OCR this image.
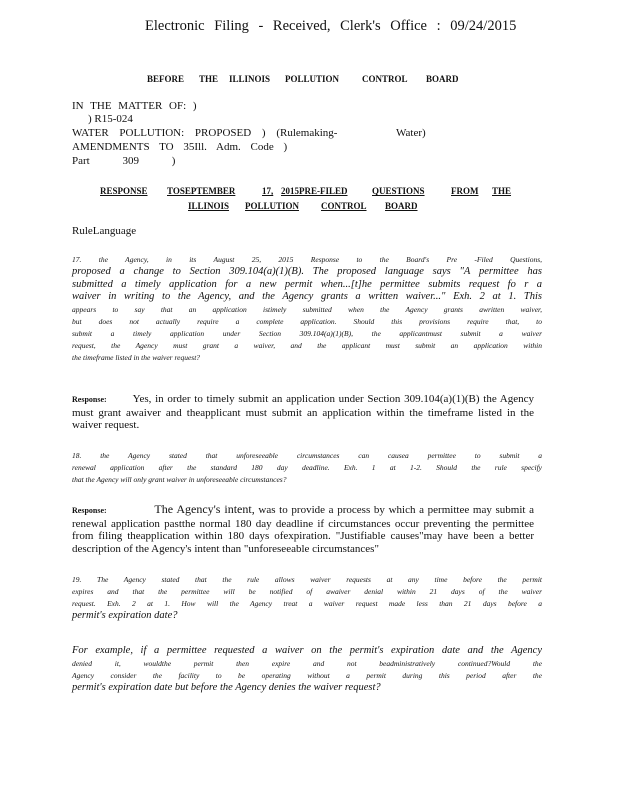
Electronic Filing - Received, Clerk's Office : 09/24/2015
BEFORE THE ILLINOIS POLLUTION	CONTROL BOARD
IN THE MATTER OF: )
) R15-024
WATER POLLUTION: PROPOSED ) (Rulemaking-	Water)
AMENDMENTS TO 35Ill. Adm. Code )
Part 309 )
RESPONSE TOSEPTEMBER	17, 2015PRE-FILED	QUESTIONS	FROM THE
ILLINOIS POLLUTION CONTROL BOARD
RuleLanguage
17. the Agency, in its August 25, 2015 Response to the Board's Pre -Filed Questions,
proposed a change to Section 309.104(a)(1)(B). The proposed language says "A permittee has
submitted a timely application for a new permit when...[t]he permittee submits request fo r a
waiver in writing to the Agency, and the Agency grants a written waiver..." Exh. 2 at 1. This
appears to say that an application istimely submitted when the Agency grants awritten waiver,
but does not actually require a complete application. Should this provisions require that, to
submit a timely application under Section 309.104(a)(1)(B), the applicantmust submit a waiver
request, the Agency must grant a waiver, and the applicant must submit an application within
the timeframe listed in the waiver request?
Response: Yes, in order to timely submit an application under Section 309.104(a)(1)(B) the Agency must grant awaiver and theapplicant must submit an application within the timeframe listed in the waiver request.
18. the Agency stated that unforeseeable circumstances can causea permittee to submit a
renewal application after the standard 180 day deadline. Exh. 1 at 1-2. Should the rule specify
that the Agency will only grant waiver in unforeseeable circumstances?
Response:	The Agency's intent, was to provide a process by which a permittee may submit a renewal application pastthe normal 180 day deadline if circumstances occur preventing the permittee from filing theapplication within 180 days ofexpiration. "Justifiable causes"may have been a better description of the Agency's intent than "unforeseeable circumstances"
19. The Agency stated that the rule allows waiver requests at any time before the permit
expires and that the permittee will be notified of awaiver denial within 21 days of the waiver
request. Exh. 2 at 1. How will the Agency treat a waiver request made less than 21 days before a
permit's expiration date?
For example, if a permittee requested a waiver on the permit's expiration date and the Agency
denied it, wouldthe permit then expire and not beadministratively continued?Would the
Agency consider the facility to be operating without a permit during this period after the
permit's expiration date but before the Agency denies the waiver request?
